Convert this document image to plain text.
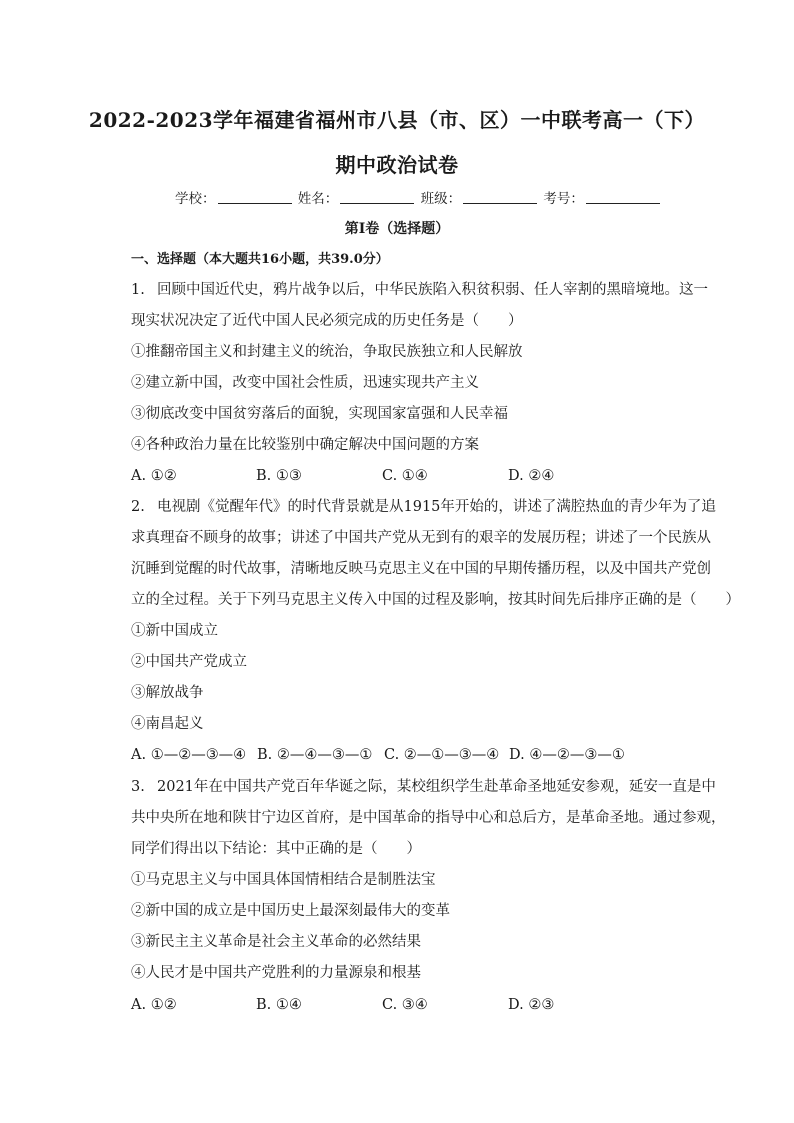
2022-2023学年福建省福州市八县（市、区）一中联考高一（下）
期中政治试卷
学校：	姓名：	班级：	考号：
第I卷（选择题）
一、选择题（本大题共16小题，共39.0分）
1. 回顾中国近代史，鸦片战争以后，中华民族陷入积贫积弱、任人宰割的黑暗境地。这一
现实状况决定了近代中国人民必须完成的历史任务是（　　）
①推翻帝国主义和封建主义的统治，争取民族独立和人民解放
②建立新中国，改变中国社会性质，迅速实现共产主义
③彻底改变中国贫穷落后的面貌，实现国家富强和人民幸福
④各种政治力量在比较鉴别中确定解决中国问题的方案
A. ①②	B. ①③	C. ①④	D. ②④
2. 电视剧《觉醒年代》的时代背景就是从1915年开始的，讲述了满腔热血的青少年为了追
求真理奋不顾身的故事；讲述了中国共产党从无到有的艰辛的发展历程；讲述了一个民族从
沉睡到觉醒的时代故事，清晰地反映马克思主义在中国的早期传播历程，以及中国共产党创
立的全过程。关于下列马克思主义传入中国的过程及影响，按其时间先后排序正确的是（　　）
①新中国成立
②中国共产党成立
③解放战争
④南昌起义
A. ①—②—③—④ B. ②—④—③—① C. ②—①—③—④ D. ④—②—③—①
3. 2021年在中国共产党百年华诞之际，某校组织学生赴革命圣地延安参观，延安一直是中
共中央所在地和陕甘宁边区首府，是中国革命的指导中心和总后方，是革命圣地。通过参观，
同学们得出以下结论：其中正确的是（　　）
①马克思主义与中国具体国情相结合是制胜法宝
②新中国的成立是中国历史上最深刻最伟大的变革
③新民主主义革命是社会主义革命的必然结果
④人民才是中国共产党胜利的力量源泉和根基
A. ①②	B. ①④	C. ③④	D. ②③
